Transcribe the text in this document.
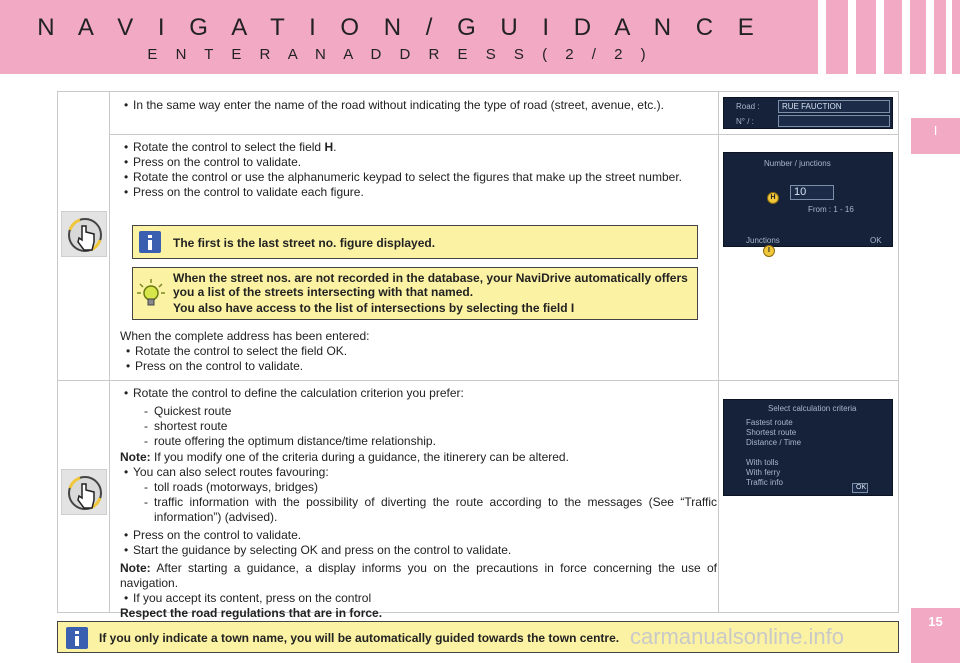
N A V I G A T I O N / G U I D A N C E
E N T E R A N A D D R E S S ( 2 / 2 )
I
15
• In the same way enter the name of the road without indicating the type of road (street, avenue, etc.).
• Rotate the control to select the field H.
• Press on the control to validate.
• Rotate the control or use the alphanumeric keypad to select the figures that make up the street number.
• Press on the control to validate each figure.
The first is the last street no. figure displayed.
When the street nos. are not recorded in the database, your NaviDrive automatically offers you a list of the streets intersecting with that named.
You also have access to the list of intersections by selecting the field I
When the complete address has been entered:
• Rotate the control to select the field OK.
• Press on the control to validate.
Road :	RUE FAUCTION
N° / :
Number / junctions
10
From : 1 - 16
Junctions	OK
H
I
• Rotate the control to define the calculation criterion you prefer:
- Quickest route
- shortest route
- route offering the optimum distance/time relationship.
Note: If you modify one of the criteria during a guidance, the itinerery can be altered.
• You can also select routes favouring:
- toll roads (motorways, bridges)
- traffic information with the possibility of diverting the route according to the messages (See “Traffic information”) (advised).
• Press on the control to validate.
• Start the guidance by selecting OK and press on the control to validate.
Note: After starting a guidance, a display informs you on the precautions in force concerning the use of navigation.
• If you accept its content, press on the control
Respect the road regulations that are in force.
Select calculation criteria
Fastest route
Shortest route
Distance / Time
With tolls
With ferry
Traffic info
OK
If you only indicate a town name, you will be automatically guided towards the town centre. carmanualsonline.info
